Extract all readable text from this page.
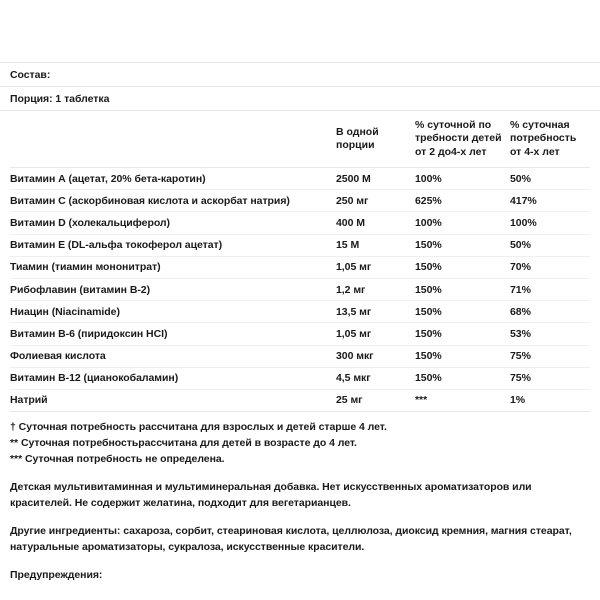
Состав:
Порция: 1 таблетка
	В одной порции	% суточной по требности детей от 2 до4-х лет	% суточная потребность от 4-х лет
Витамин А (ацетат, 20% бета-каротин)	2500 М	100%	50%
Витамин С (аскорбиновая кислота и аскорбат натрия)	250 мг	625%	417%
Витамин D (холекальциферол)	400 М	100%	100%
Витамин Е (DL-альфа токоферол ацетат)	15 М	150%	50%
Тиамин (тиамин мононитрат)	1,05 мг	150%	70%
Рибофлавин (витамин В-2)	1,2 мг	150%	71%
Ниацин (Niacinamide)	13,5 мг	150%	68%
Витамин В-6 (пиридоксин HCI)	1,05 мг	150%	53%
Фолиевая кислота	300 мкг	150%	75%
Витамин В-12 (цианокобаламин)	4,5 мкг	150%	75%
Натрий	25 мг	***	1%
† Суточная потребность рассчитана для взрослых и детей старше 4 лет.
** Суточная потребностьрассчитана для детей в возрасте до 4 лет.
*** Суточная потребность не определена.
Детская мультивитаминная и мультиминеральная добавка. Нет искусственных ароматизаторов или красителей. Не содержит желатина, подходит для вегетарианцев.
Другие ингредиенты: сахароза, сорбит, стеариновая кислота, целлюлоза, диоксид кремния, магния стеарат, натуральные ароматизаторы, сукралоза, искусственные красители.
Предупреждения:
